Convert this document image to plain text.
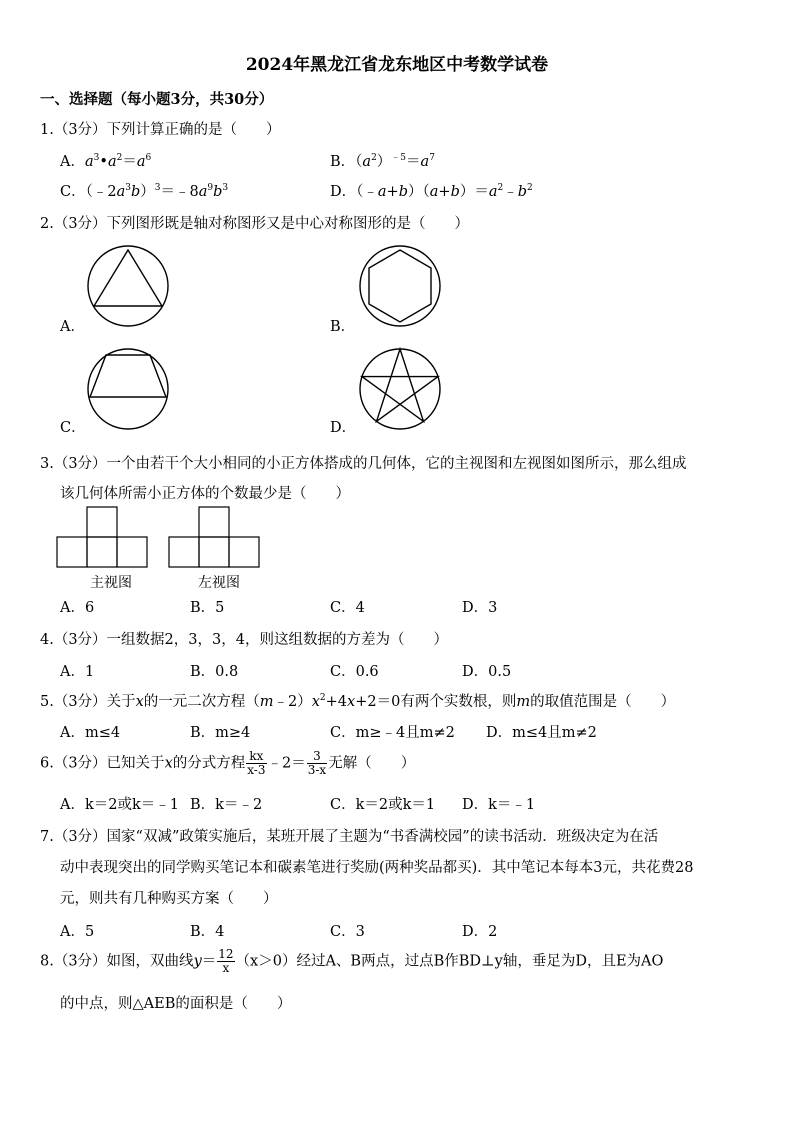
2024年黑龙江省龙东地区中考数学试卷
一、选择题（每小题3分，共30分）
1.（3分）下列计算正确的是（　　）
A．$a^3•a^2=a^6$	B．$(a^2)^{﹣5}=a^7$
C．$(﹣2a^3b)^3=﹣8a^9b^3$	D．$(﹣a+b)(a+b)=a^2﹣b^2$
2.（3分）下列图形既是轴对称图形又是中心对称图形的是（　　）
A．	B．
C．	D．
3.（3分）一个由若干个大小相同的小正方体搭成的几何体，它的主视图和左视图如图所示，那么组成
该几何体所需小正方体的个数最少是（　　）
主视图	左视图
A．6	B．5	C．4	D．3
4.（3分）一组数据2，3，3，4，则这组数据的方差为（　　）
A．1	B．0.8	C．0.6	D．0.5
5.（3分）关于x的一元二次方程$(m﹣2)x^2+4x+2=0$有两个实数根，则m的取值范围是（　　）
A．m≤4	B．m≥4	C．m≥﹣4且m≠2 D．m≤4且m≠2
6.（3分）已知关于x的分式方程 $\frac{kx}{x-3}$ ﹣2＝ $\frac{3}{3-x}$ 无解（　　）
A．k＝2或k＝﹣1 B．k＝﹣2	C．k＝2或k＝1 D．k＝﹣1
7.（3分）国家“双减”政策实施后，某班开展了主题为“书香满校园”的读书活动．班级决定为在活
动中表现突出的同学购买笔记本和碳素笔进行奖励(两种奖品都买)．其中笔记本每本3元，共花费28
元，则共有几种购买方案（　　）
A．5	B．4	C．3	D．2
8.（3分）如图，双曲线$y= \frac{12}{x} (x>0)$经过A、B两点，过点B作BD⊥y轴，垂足为D，且E为AO
的中点，则△AEB的面积是（　　）
